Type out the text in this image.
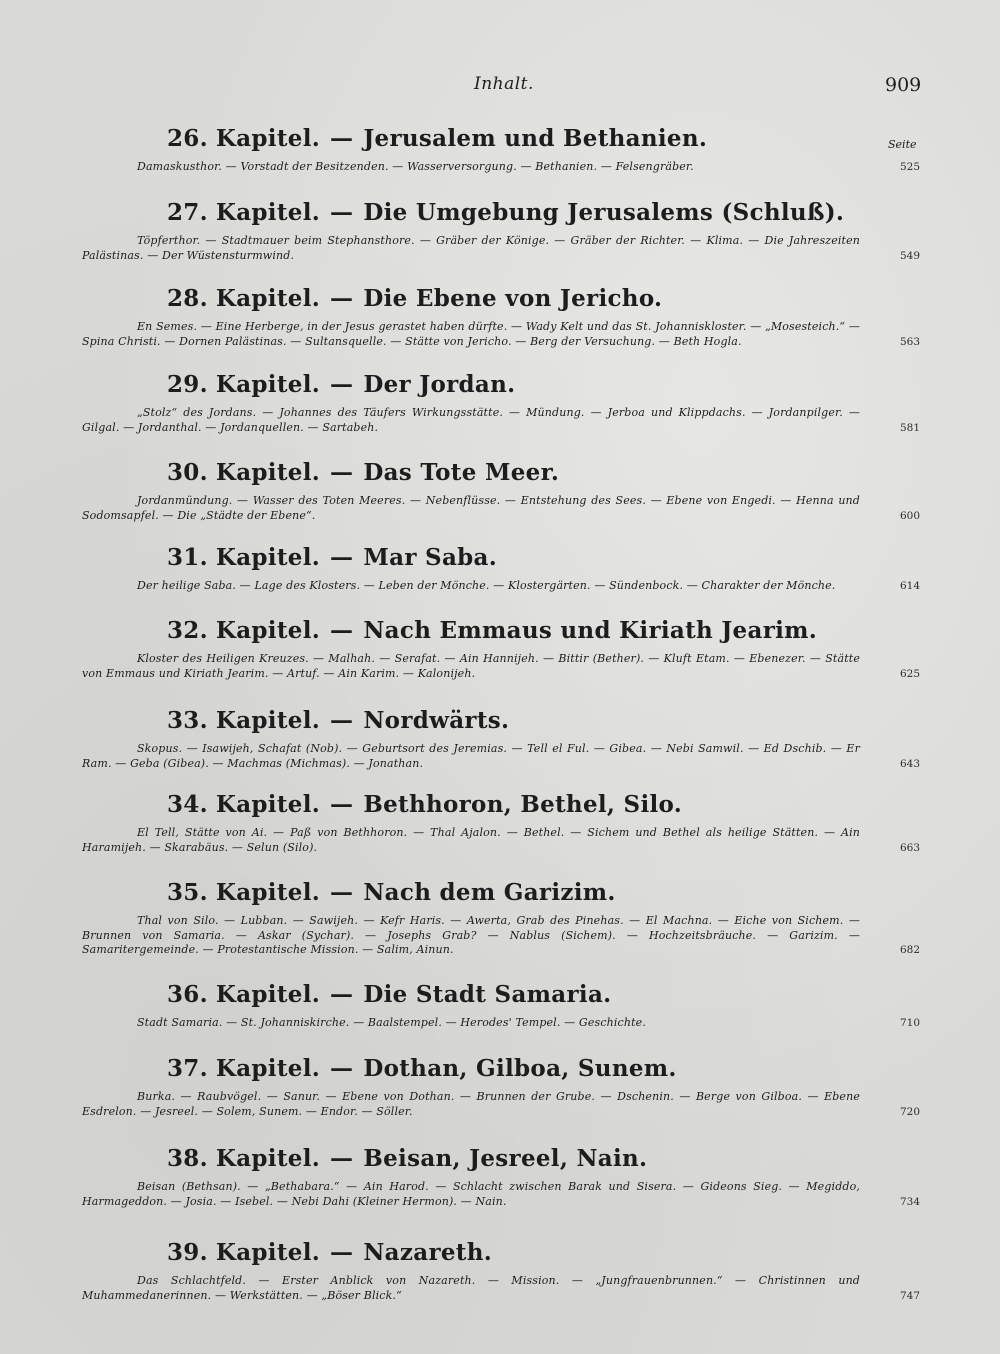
Inhalt.	909
Seite
26. Kapitel. — Jerusalem und Bethanien.
Damaskusthor. — Vorstadt der Besitzenden. — Wasserversorgung. — Bethanien. — Felsengräber.	525
27. Kapitel. — Die Umgebung Jerusalems (Schluß).
Töpferthor. — Stadtmauer beim Stephansthore. — Gräber der Könige. — Gräber der Richter. — Klima. — Die Jahreszeiten Palästinas. — Der Wüstensturmwind.	549
28. Kapitel. — Die Ebene von Jericho.
En Semes. — Eine Herberge, in der Jesus gerastet haben dürfte. — Wady Kelt und das St. Johanniskloster. — „Mosesteich.“ — Spina Christi. — Dornen Palästinas. — Sultansquelle. — Stätte von Jericho. — Berg der Versuchung. — Beth Hogla.	563
29. Kapitel. — Der Jordan.
„Stolz“ des Jordans. — Johannes des Täufers Wirkungsstätte. — Mündung. — Jerboa und Klippdachs. — Jordanpilger. — Gilgal. — Jordanthal. — Jordanquellen. — Sartabeh.	581
30. Kapitel. — Das Tote Meer.
Jordanmündung. — Wasser des Toten Meeres. — Nebenflüsse. — Entstehung des Sees. — Ebene von Engedi. — Henna und Sodomsapfel. — Die „Städte der Ebene“.	600
31. Kapitel. — Mar Saba.
Der heilige Saba. — Lage des Klosters. — Leben der Mönche. — Klostergärten. — Sündenbock. — Charakter der Mönche.	614
32. Kapitel. — Nach Emmaus und Kiriath Jearim.
Kloster des Heiligen Kreuzes. — Malhah. — Serafat. — Ain Hannijeh. — Bittir (Bether). — Kluft Etam. — Ebenezer. — Stätte von Emmaus und Kiriath Jearim. — Artuf. — Ain Karim. — Kalonijeh.	625
33. Kapitel. — Nordwärts.
Skopus. — Isawijeh, Schafat (Nob). — Geburtsort des Jeremias. — Tell el Ful. — Gibea. — Nebi Samwil. — Ed Dschib. — Er Ram. — Geba (Gibea). — Machmas (Michmas). — Jonathan.	643
34. Kapitel. — Bethhoron, Bethel, Silo.
El Tell, Stätte von Ai. — Paß von Bethhoron. — Thal Ajalon. — Bethel. — Sichem und Bethel als heilige Stätten. — Ain Haramijeh. — Skarabäus. — Selun (Silo).	663
35. Kapitel. — Nach dem Garizim.
Thal von Silo. — Lubban. — Sawijeh. — Kefr Haris. — Awerta, Grab des Pinehas. — El Machna. — Eiche von Sichem. — Brunnen von Samaria. — Askar (Sychar). — Josephs Grab? — Nablus (Sichem). — Hochzeitsbräuche. — Garizim. — Samaritergemeinde. — Protestantische Mission. — Salim, Ainun.	682
36. Kapitel. — Die Stadt Samaria.
Stadt Samaria. — St. Johanniskirche. — Baalstempel. — Herodes' Tempel. — Geschichte.	710
37. Kapitel. — Dothan, Gilboa, Sunem.
Burka. — Raubvögel. — Sanur. — Ebene von Dothan. — Brunnen der Grube. — Dschenin. — Berge von Gilboa. — Ebene Esdrelon. — Jesreel. — Solem, Sunem. — Endor. — Söller.	720
38. Kapitel. — Beisan, Jesreel, Nain.
Beisan (Bethsan). — „Bethabara.“ — Ain Harod. — Schlacht zwischen Barak und Sisera. — Gideons Sieg. — Megiddo, Harmageddon. — Josia. — Isebel. — Nebi Dahi (Kleiner Hermon). — Nain.	734
39. Kapitel. — Nazareth.
Das Schlachtfeld. — Erster Anblick von Nazareth. — Mission. — „Jungfrauenbrunnen.“ — Christinnen und Muhammedanerinnen. — Werkstätten. — „Böser Blick.“	747
